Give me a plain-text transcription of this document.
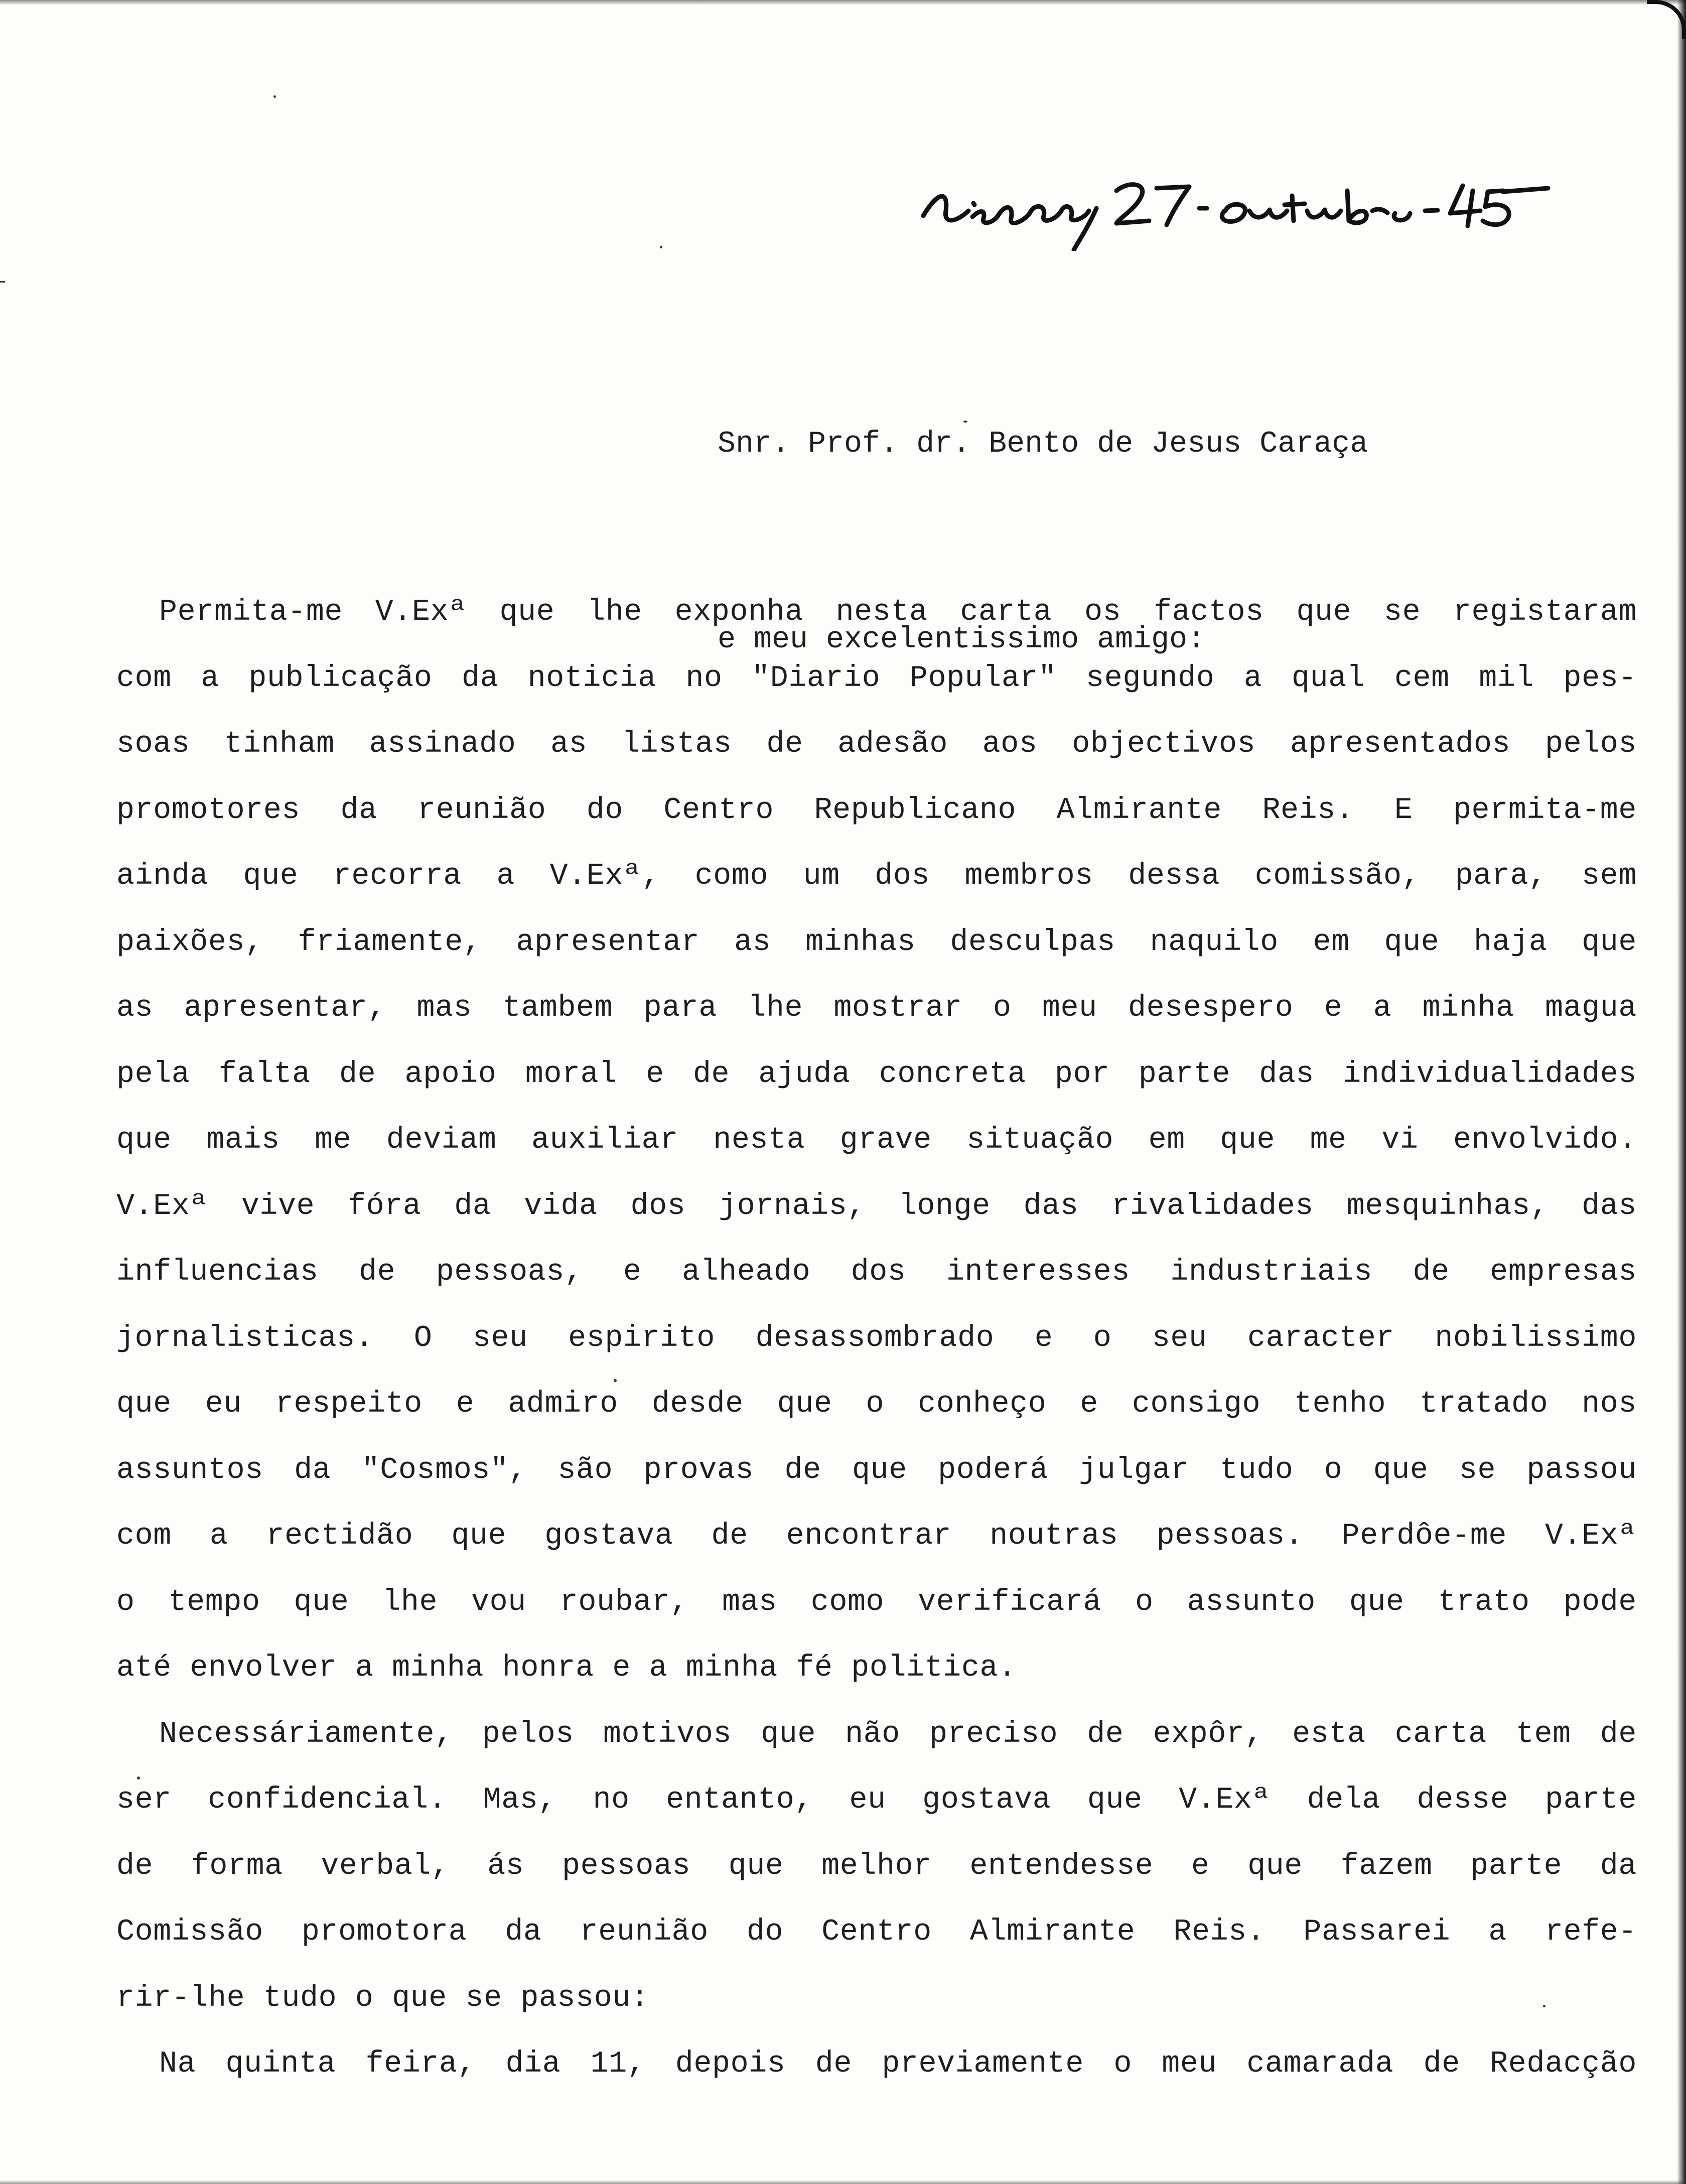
Snr. Prof. dr. Bento de Jesus Caraça

e meu excelentissimo amigo:

Permita-me V.Exª que lhe exponha nesta carta os factos que se registaram
com a publicação da noticia no "Diario Popular" segundo a qual cem mil pes-
soas tinham assinado as listas de adesão aos objectivos apresentados pelos
promotores da reunião do Centro Republicano Almirante Reis. E permita-me
ainda que recorra a V.Exª, como um dos membros dessa comissão, para, sem
paixões, friamente, apresentar as minhas desculpas naquilo em que haja que
as apresentar, mas tambem para lhe mostrar o meu desespero e a minha magua
pela falta de apoio moral e de ajuda concreta por parte das individualidades
que mais me deviam auxiliar nesta grave situação em que me vi envolvido.
V.Exª vive fóra da vida dos jornais, longe das rivalidades mesquinhas, das
influencias de pessoas, e alheado dos interesses industriais de empresas
jornalisticas. O seu espirito desassombrado e o seu caracter nobilissimo
que eu respeito e admiro desde que o conheço e consigo tenho tratado nos
assuntos da "Cosmos", são provas de que poderá julgar tudo o que se passou
com a rectidão que gostava de encontrar noutras pessoas. Perdôe-me V.Exª
o tempo que lhe vou roubar, mas como verificará o assunto que trato pode
até envolver a minha honra e a minha fé politica.
Necessáriamente, pelos motivos que não preciso de expôr, esta carta tem de
ser confidencial. Mas, no entanto, eu gostava que V.Exª dela desse parte
de forma verbal, ás pessoas que melhor entendesse e que fazem parte da
Comissão promotora da reunião do Centro Almirante Reis. Passarei a refe-
rir-lhe tudo o que se passou:
Na quinta feira, dia 11, depois de previamente o meu camarada de Redacção
